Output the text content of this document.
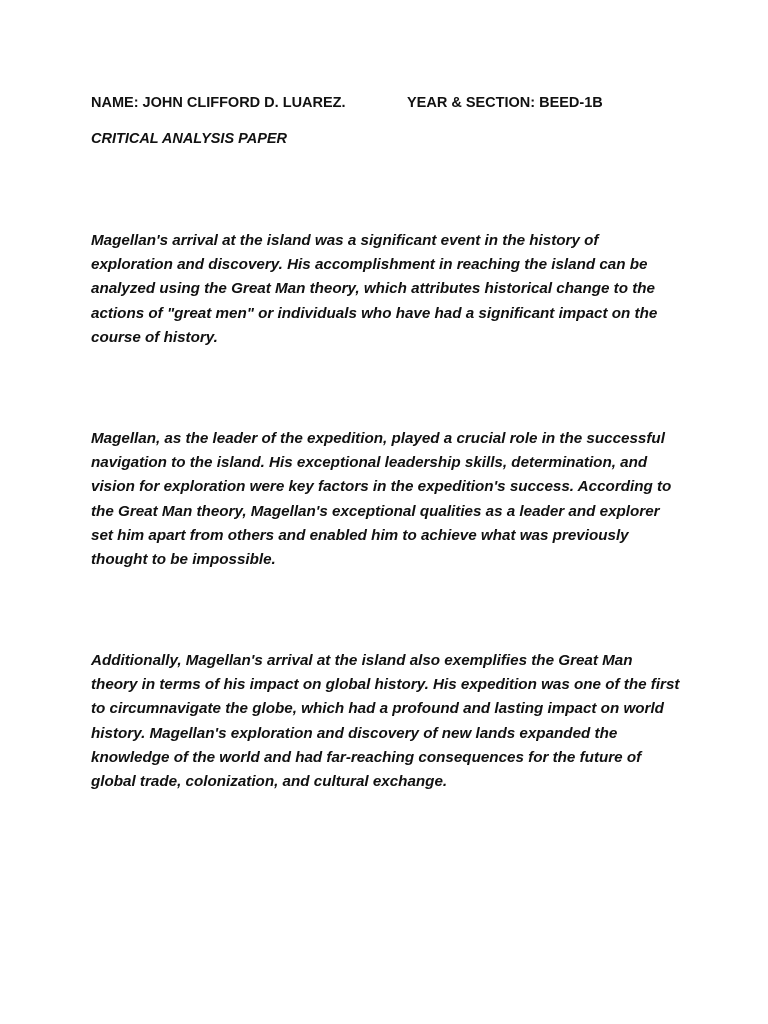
NAME: JOHN CLIFFORD D. LUAREZ.	YEAR & SECTION: BEED-1B
CRITICAL ANALYSIS PAPER

Magellan's arrival at the island was a significant event in the history of exploration and discovery. His accomplishment in reaching the island can be analyzed using the Great Man theory, which attributes historical change to the actions of "great men" or individuals who have had a significant impact on the course of history.

Magellan, as the leader of the expedition, played a crucial role in the successful navigation to the island. His exceptional leadership skills, determination, and vision for exploration were key factors in the expedition's success. According to the Great Man theory, Magellan's exceptional qualities as a leader and explorer set him apart from others and enabled him to achieve what was previously thought to be impossible.

Additionally, Magellan's arrival at the island also exemplifies the Great Man theory in terms of his impact on global history. His expedition was one of the first to circumnavigate the globe, which had a profound and lasting impact on world history. Magellan's exploration and discovery of new lands expanded the knowledge of the world and had far-reaching consequences for the future of global trade, colonization, and cultural exchange.
